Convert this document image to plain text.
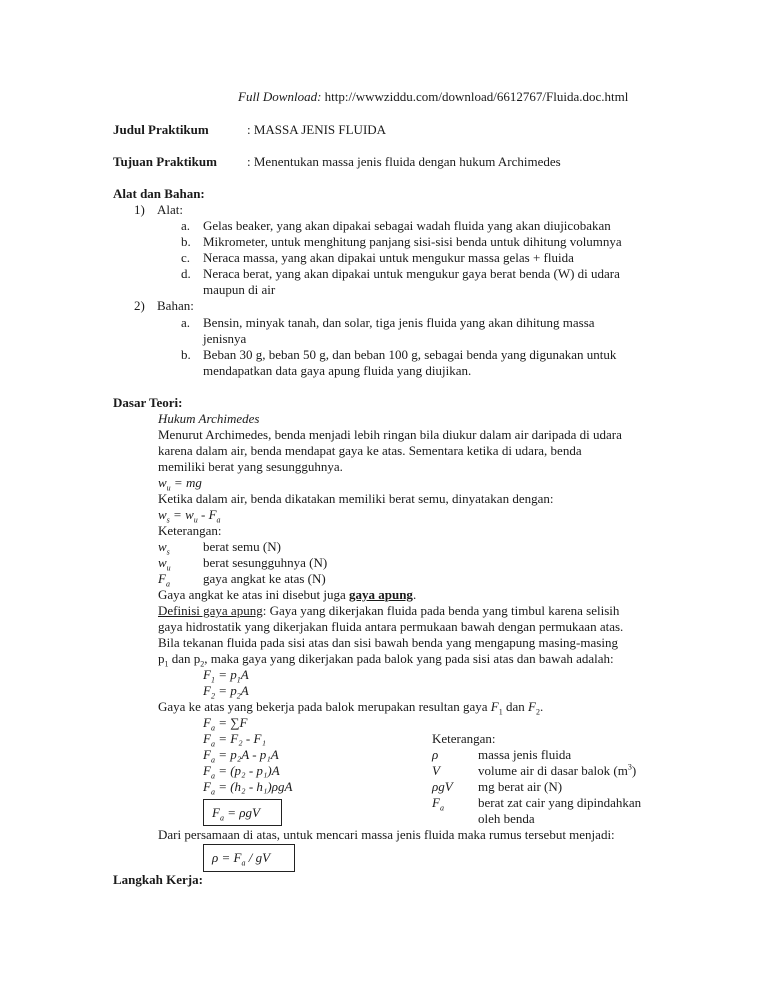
Full Download: http://wwwziddu.com/download/6612767/Fluida.doc.html
Judul Praktikum	: MASSA JENIS FLUIDA
Tujuan Praktikum : Menentukan massa jenis fluida dengan hukum Archimedes
Alat dan Bahan:
1) Alat:
a. Gelas beaker, yang akan dipakai sebagai wadah fluida yang akan diujicobakan
b. Mikrometer, untuk menghitung panjang sisi-sisi benda untuk dihitung volumnya
c. Neraca massa, yang akan dipakai untuk mengukur massa gelas + fluida
d. Neraca berat, yang akan dipakai untuk mengukur gaya berat benda (W) di udara
maupun di air
2) Bahan:
a. Bensin, minyak tanah, dan solar, tiga jenis fluida yang akan dihitung massa
jenisnya
b. Beban 30 g, beban 50 g, dan beban 100 g, sebagai benda yang digunakan untuk
mendapatkan data gaya apung fluida yang diujikan.
Dasar Teori:
Hukum Archimedes
Menurut Archimedes, benda menjadi lebih ringan bila diukur dalam air daripada di udara
karena dalam air, benda mendapat gaya ke atas. Sementara ketika di udara, benda
memiliki berat yang sesungguhnya.
$w_u$ = mg
Ketika dalam air, benda dikatakan memiliki berat semu, dinyatakan dengan:
$w_s = w_u - F_a$
Keterangan:
$w_s$	berat semu (N)
$w_u$ berat sesungguhnya (N)
$F_a$	gaya angkat ke atas (N)
Gaya angkat ke atas ini disebut juga gaya apung.
Definisi gaya apung: Gaya yang dikerjakan fluida pada benda yang timbul karena selisih
gaya hidrostatik yang dikerjakan fluida antara permukaan bawah dengan permukaan atas.
Bila tekanan fluida pada sisi atas dan sisi bawah benda yang mengapung masing-masing
$p_1$ dan $p_2$, maka gaya yang dikerjakan pada balok yang pada sisi atas dan bawah adalah:
$F_1 = p_1A$
$F_2 = p_2A$
Gaya ke atas yang bekerja pada balok merupakan resultan gaya $F_1$ dan $F_2$.
$F_a = \sum F$
$F_a = F_2 - F_1$
$F_a = p_2A - p_1A$
$F_a = (p_2 - p_1)A$
$F_a = (h_2 - h_1)\rho gA$
$F_a = \rho gV$
Keterangan:
ρ	massa jenis fluida
V	volume air di dasar balok $(m^3)$
ρgV mg berat air (N)
$F_a$	berat zat cair yang dipindahkan
oleh benda
Dari persamaan di atas, untuk mencari massa jenis fluida maka rumus tersebut menjadi:
$\rho = F_a$ / gV
Langkah Kerja:
